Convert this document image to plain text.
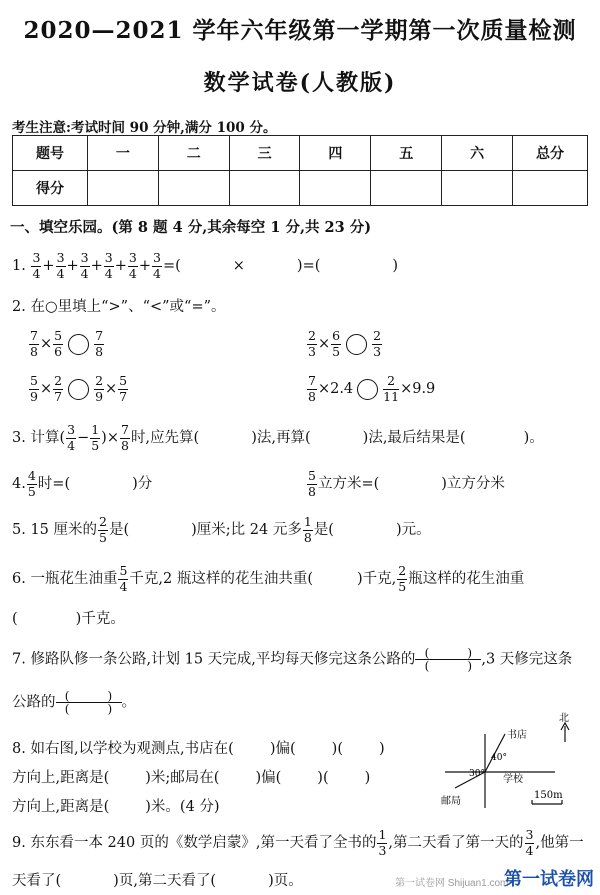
2020—2021 学年六年级第一学期第一次质量检测
数学试卷(人教版)
考生注意:考试时间 90 分钟,满分 100 分。
题号	一	二	三	四	五	六	总分
得分							
一、填空乐园。(第 8 题 4 分,其余每空 1 分,共 23 分)
1. $\frac{3}{4} + \frac{3}{4} + \frac{3}{4} + \frac{3}{4} + \frac{3}{4} + \frac{3}{4}$ =(	×	)=(	)
2. 在○里填上“>”、“<”或“=”。
$\frac{7}{8} \times \frac{5}{6} \frac{7}{8}$	$\frac{2}{3} \times \frac{6}{5} \frac{2}{3}$
$\frac{5}{9} \times \frac{2}{7} \frac{2}{9} \times \frac{5}{7}$	$\frac{7}{8} \times 2.4 \frac{2}{11} \times 9.9$
3. 计算( $\frac{3}{4} - \frac{1}{5}$ )× $\frac{7}{8}$ 时,应先算(	)法,再算(	)法,最后结果是(	)。
4. $\frac{4}{5}$ 时=(	)分	$\frac{5}{8}$ 立方米=(	)立方分米
5. 15 厘米的 $\frac{2}{5}$ 是(	)厘米;比 24 元多 $\frac{1}{8}$ 是(	)元。
6. 一瓶花生油重 $\frac{5}{4}$ 千克,2 瓶这样的花生油共重(	)千克, $\frac{2}{5}$ 瓶这样的花生油重
(	)千克。
7. 修路队修一条公路,计划 15 天完成,平均每天修完这条公路的 (          )
(          ) ,3 天修完这条
公路的 (          )
(          ) 。
8. 如右图,以学校为观测点,书店在( )偏( )( )
方向上,距离是( )米;邮局在( )偏( )( )
方向上,距离是( )米。(4 分)
北
书店
40°
30° 学校
邮局
150m
9. 东东看一本 240 页的《数学启蒙》,第一天看了全书的 $\frac{1}{3}$ ,第二天看了第一天的 $\frac{3}{4}$ ,他第一
天看了(	)页,第二天看了(	)页。	第一试卷网 Shijuan1.com
第一试卷网
